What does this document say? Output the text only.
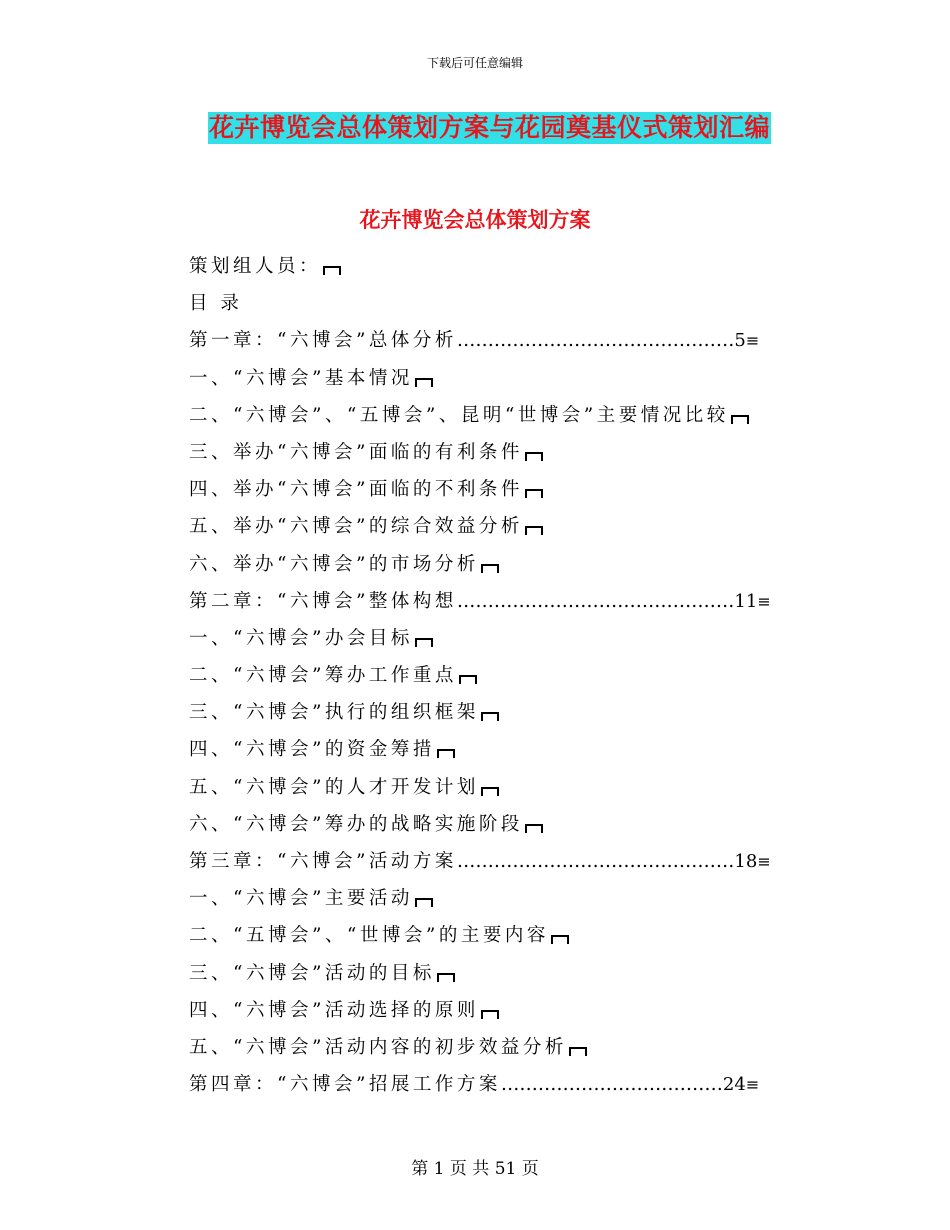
下载后可任意编辑
花卉博览会总体策划方案与花园奠基仪式策划汇编
花卉博览会总体策划方案
策划组人员：
目 录
第一章：“六博会”总体分析………………………………………5≡
一、“六博会”基本情况
二、“六博会”、“五博会”、昆明“世博会”主要情况比较
三、举办“六博会”面临的有利条件
四、举办“六博会”面临的不利条件
五、举办“六博会”的综合效益分析
六、举办“六博会”的市场分析
第二章：“六博会”整体构想………………………………………11≡
一、“六博会”办会目标
二、“六博会”筹办工作重点
三、“六博会”执行的组织框架
四、“六博会”的资金筹措
五、“六博会”的人才开发计划
六、“六博会”筹办的战略实施阶段
第三章：“六博会”活动方案………………………………………18≡
一、“六博会”主要活动
二、“五博会”、“世博会”的主要内容
三、“六博会”活动的目标
四、“六博会”活动选择的原则
五、“六博会”活动内容的初步效益分析
第四章：“六博会”招展工作方案………………………………24≡
第 1 页 共 51 页
